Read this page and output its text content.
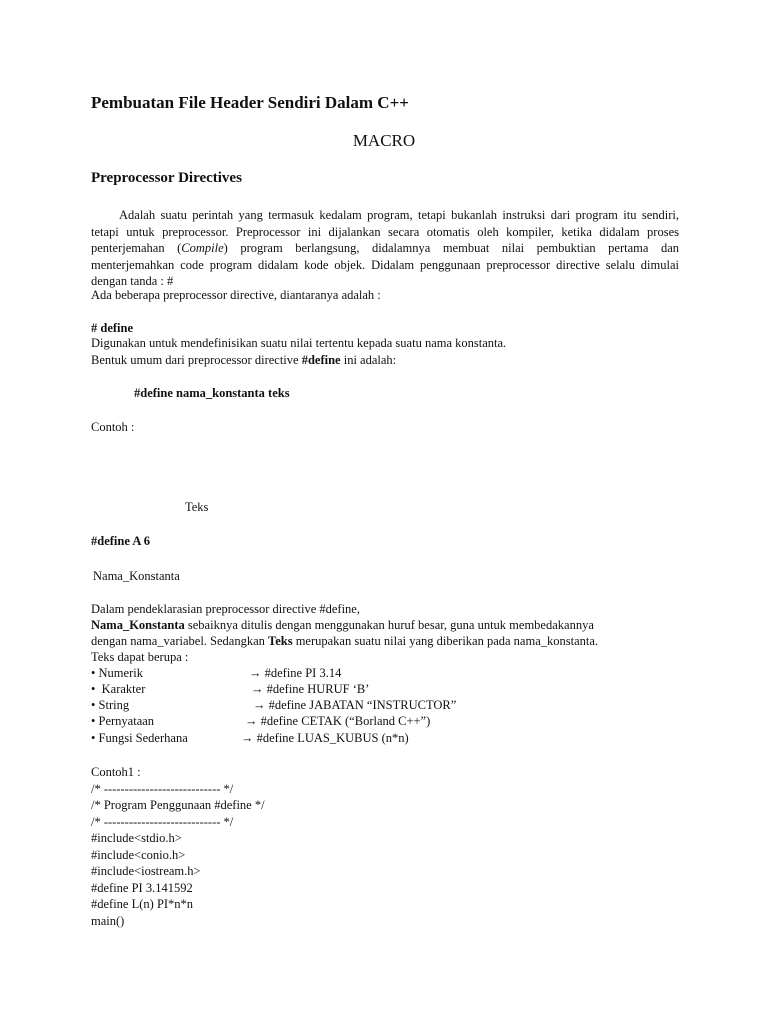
Pembuatan File Header Sendiri Dalam C++
MACRO
Preprocessor Directives
Adalah suatu perintah yang termasuk kedalam program, tetapi bukanlah instruksi dari program itu sendiri, tetapi untuk preprocessor. Preprocessor ini dijalankan secara otomatis oleh kompiler, ketika didalam proses penterjemahan (Compile) program berlangsung, didalamnya membuat nilai pembuktian pertama dan menterjemahkan code program didalam kode objek. Didalam penggunaan preprocessor directive selalu dimulai dengan tanda : #
Ada beberapa preprocessor directive, diantaranya adalah :
# define
Digunakan untuk mendefinisikan suatu nilai tertentu kepada suatu nama konstanta.
Bentuk umum dari preprocessor directive #define ini adalah:
#define nama_konstanta teks
Contoh :
Teks
#define A 6
Nama_Konstanta
Dalam pendeklarasian preprocessor directive #define,
Nama_Konstanta sebaiknya ditulis dengan menggunakan huruf besar, guna untuk membedakannya
dengan nama_variabel. Sedangkan Teks merupakan suatu nilai yang diberikan pada nama_konstanta.
Teks dapat berupa :
• Numerik	→ #define PI 3.14
• Karakter	→ #define HURUF ‘B’
• String	→ #define JABATAN “INSTRUCTOR”
• Pernyataan	→ #define CETAK (“Borland C++”)
• Fungsi Sederhana	→ #define LUAS_KUBUS (n*n)
Contoh1 :
/* ---------------------------- */
/* Program Penggunaan #define */
/* ---------------------------- */
#include<stdio.h>
#include<conio.h>
#include<iostream.h>
#define PI 3.141592
#define L(n) PI*n*n
main()
